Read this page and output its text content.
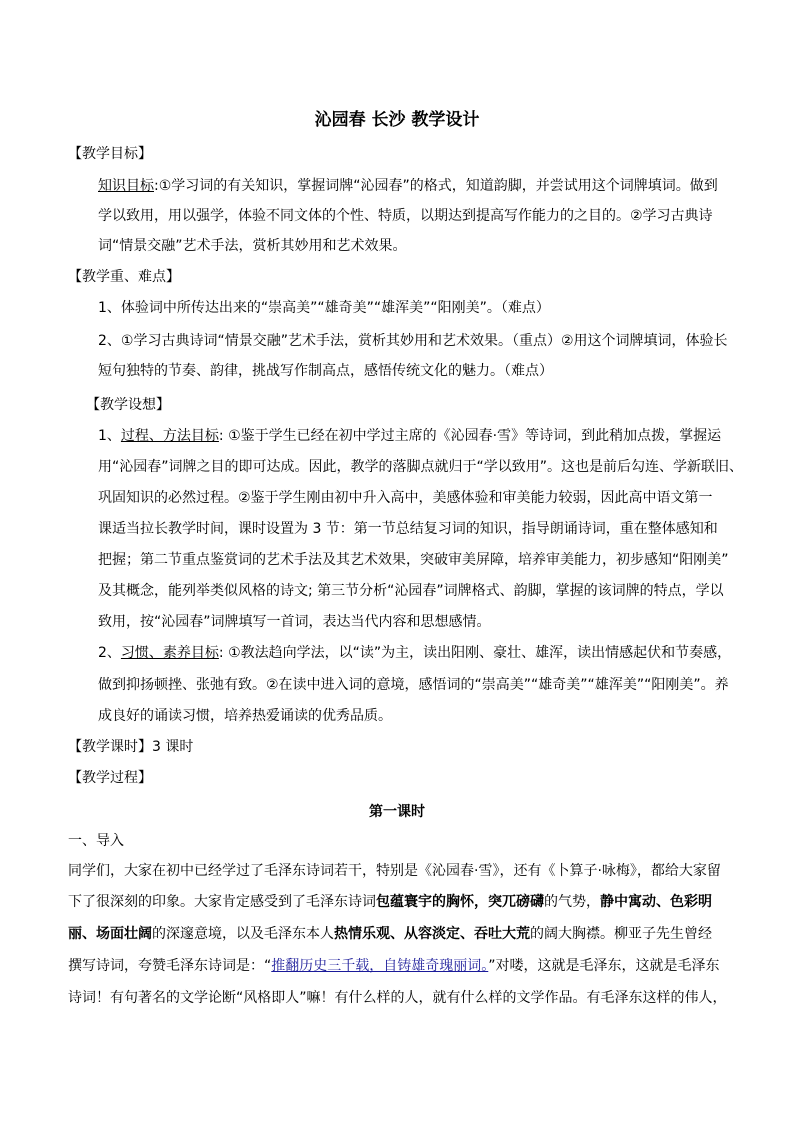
沁园春 长沙 教学设计
【教学目标】
知识目标:①学习词的有关知识，掌握词牌“沁园春”的格式，知道韵脚，并尝试用这个词牌填词。做到
学以致用，用以强学，体验不同文体的个性、特质，以期达到提高写作能力的之目的。②学习古典诗
词“情景交融”艺术手法，赏析其妙用和艺术效果。
【教学重、难点】
1、体验词中所传达出来的“崇高美”“雄奇美”“雄浑美”“阳刚美”。（难点）
2、①学习古典诗词“情景交融”艺术手法，赏析其妙用和艺术效果。（重点）②用这个词牌填词，体验长
短句独特的节奏、韵律，挑战写作制高点，感悟传统文化的魅力。（难点）
【教学设想】
1、过程、方法目标: ①鉴于学生已经在初中学过主席的《沁园春·雪》等诗词，到此稍加点拨，掌握运
用“沁园春”词牌之目的即可达成。因此，教学的落脚点就归于“学以致用”。这也是前后勾连、学新联旧、
巩固知识的必然过程。②鉴于学生刚由初中升入高中，美感体验和审美能力较弱，因此高中语文第一
课适当拉长教学时间，课时设置为 3 节：第一节总结复习词的知识，指导朗诵诗词，重在整体感知和
把握；第二节重点鉴赏词的艺术手法及其艺术效果，突破审美屏障，培养审美能力，初步感知“阳刚美”
及其概念，能列举类似风格的诗文; 第三节分析“沁园春”词牌格式、韵脚，掌握的该词牌的特点，学以
致用，按“沁园春”词牌填写一首词，表达当代内容和思想感情。
2、习惯、素养目标: ①教法趋向学法，以“读”为主，读出阳刚、豪壮、雄浑，读出情感起伏和节奏感，
做到抑扬顿挫、张弛有致。②在读中进入词的意境，感悟词的“崇高美”“雄奇美”“雄浑美”“阳刚美”。养
成良好的诵读习惯，培养热爱诵读的优秀品质。
【教学课时】3 课时
【教学过程】
第一课时
一、导入
同学们，大家在初中已经学过了毛泽东诗词若干，特别是《沁园春·雪》，还有《卜算子·咏梅》，都给大家留
下了很深刻的印象。大家肯定感受到了毛泽东诗词包蕴寰宇的胸怀，突兀磅礴的气势，静中寓动、色彩明
丽、场面壮阔的深邃意境，以及毛泽东本人热情乐观、从容淡定、吞吐大荒的阔大胸襟。柳亚子先生曾经
撰写诗词，夸赞毛泽东诗词是：“推翻历史三千载，自铸雄奇瑰丽词。”对喽，这就是毛泽东，这就是毛泽东
诗词！有句著名的文学论断“风格即人”嘛！有什么样的人，就有什么样的文学作品。有毛泽东这样的伟人，
